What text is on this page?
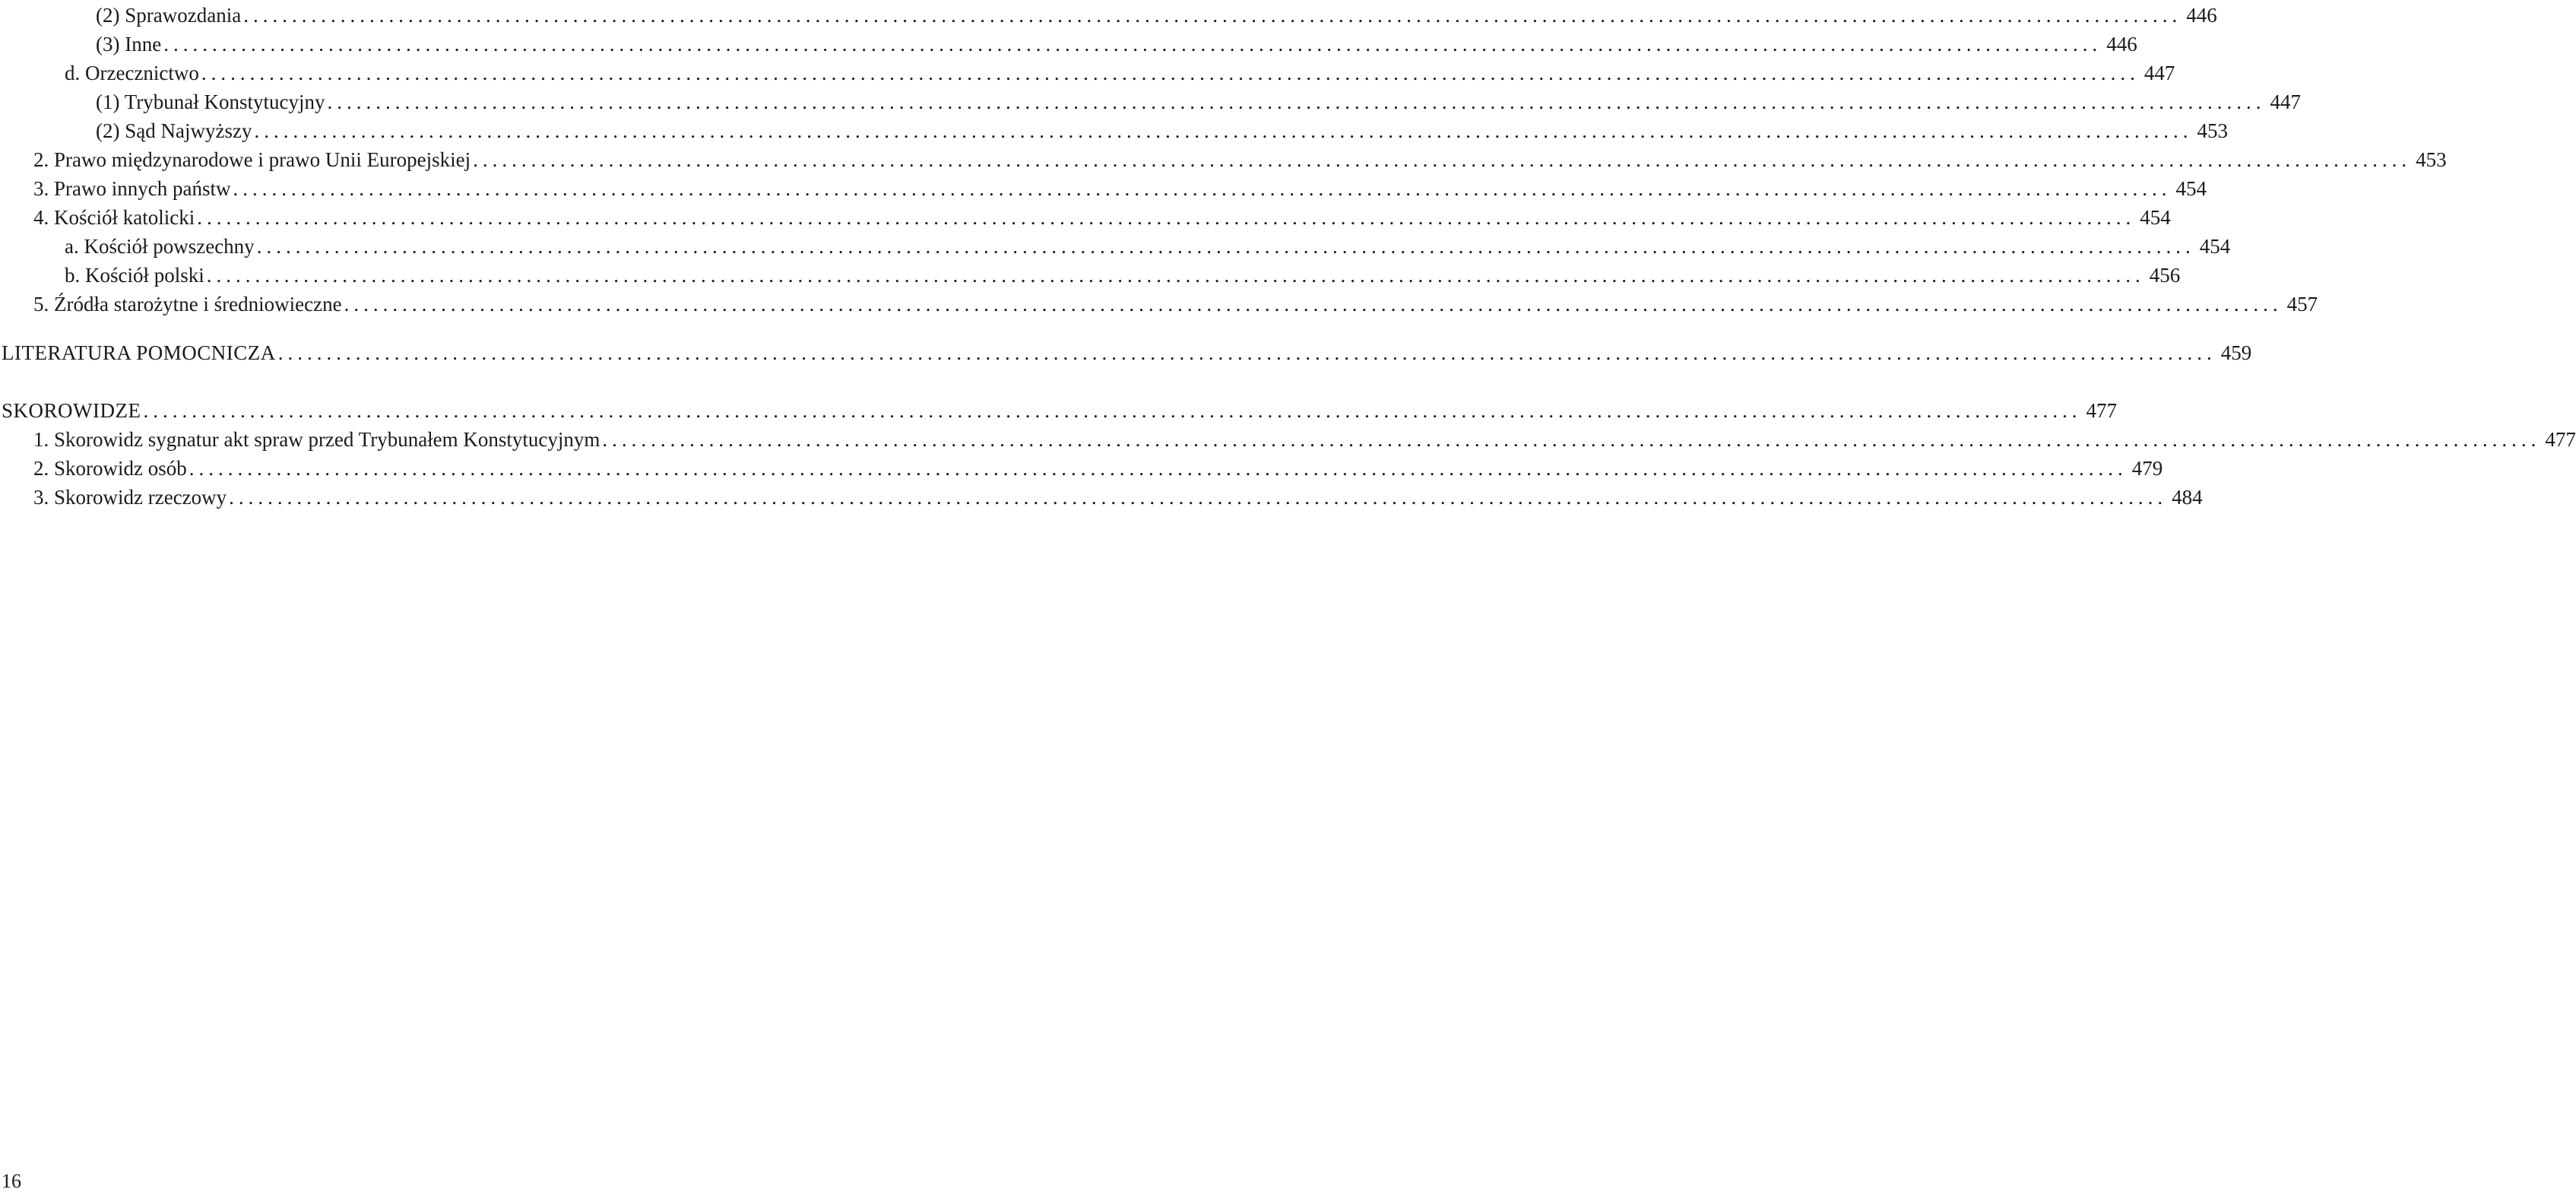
(2) Sprawozdania ........................................................................................................................................................................................................ 446
(3) Inne ........................................................................................................................................................................................................ 446
d. Orzecznictwo ........................................................................................................................................................................................................ 447
(1) Trybunał Konstytucyjny ........................................................................................................................................................................................................ 447
(2) Sąd Najwyższy ........................................................................................................................................................................................................ 453
2. Prawo międzynarodowe i prawo Unii Europejskiej ........................................................................................................................................................................................................ 453
3. Prawo innych państw ........................................................................................................................................................................................................ 454
4. Kościół katolicki ........................................................................................................................................................................................................ 454
a. Kościół powszechny ........................................................................................................................................................................................................ 454
b. Kościół polski ........................................................................................................................................................................................................ 456
5. Źródła starożytne i średniowieczne ........................................................................................................................................................................................................ 457
LITERATURA POMOCNICZA ........................................................................................................................................................................................................ 459
SKOROWIDZE ........................................................................................................................................................................................................ 477
1. Skorowidz sygnatur akt spraw przed Trybunałem Konstytucyjnym ........................................................................................................................................................................................................ 477
2. Skorowidz osób ........................................................................................................................................................................................................ 479
3. Skorowidz rzeczowy ........................................................................................................................................................................................................ 484
16
